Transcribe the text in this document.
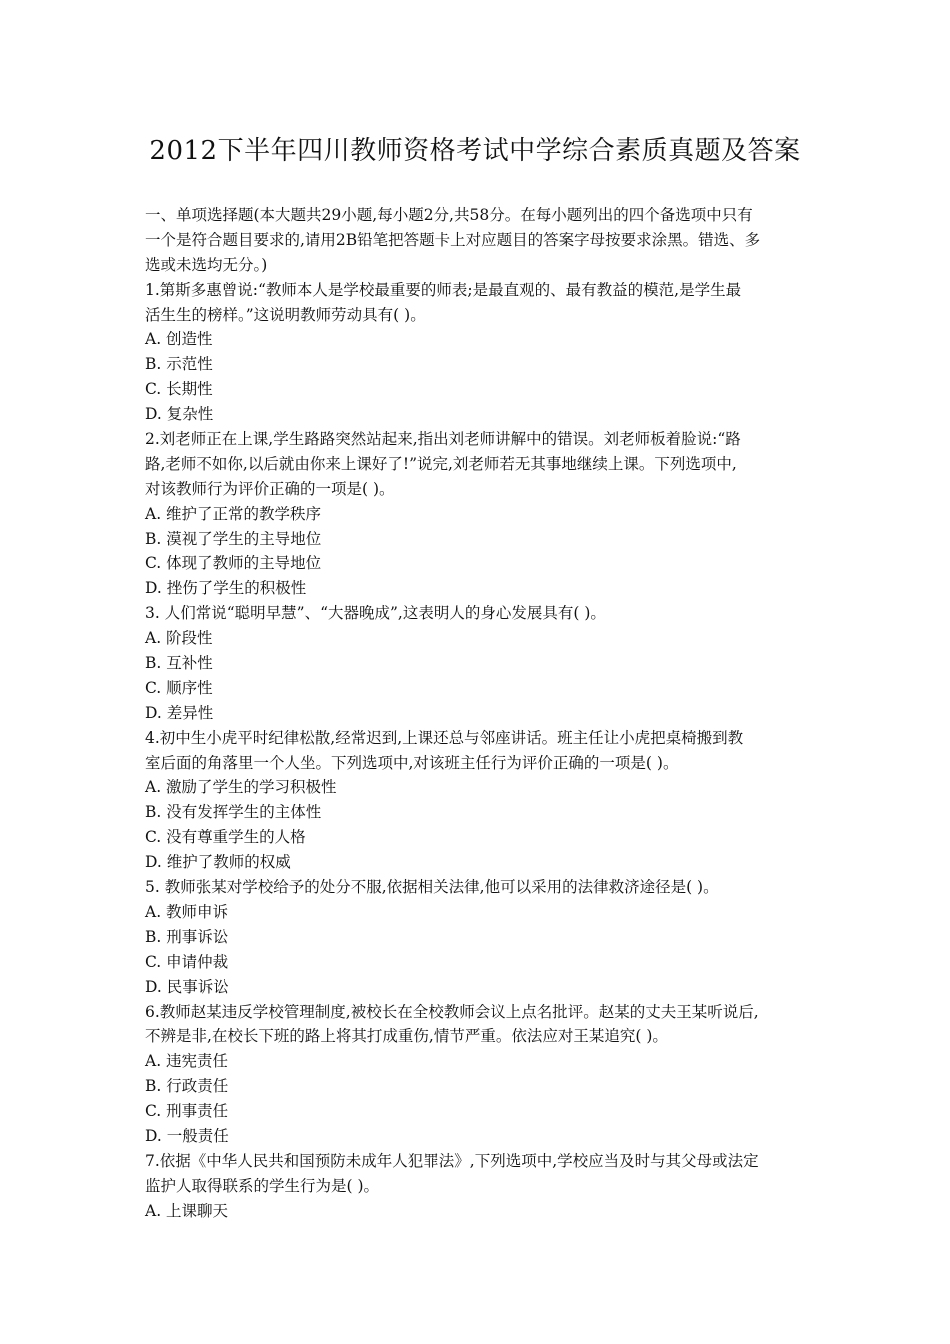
2012下半年四川教师资格考试中学综合素质真题及答案
一、单项选择题(本大题共29小题,每小题2分,共58分。在每小题列出的四个备选项中只有
一个是符合题目要求的,请用2B铅笔把答题卡上对应题目的答案字母按要求涂黑。错选、多
选或未选均无分。)
1.第斯多惠曾说:“教师本人是学校最重要的师表;是最直观的、最有教益的模范,是学生最
活生生的榜样。”这说明教师劳动具有( )。
A. 创造性
B. 示范性
C. 长期性
D. 复杂性
2.刘老师正在上课,学生路路突然站起来,指出刘老师讲解中的错误。刘老师板着脸说:“路
路,老师不如你,以后就由你来上课好了!”说完,刘老师若无其事地继续上课。下列选项中,
对该教师行为评价正确的一项是( )。
A. 维护了正常的教学秩序
B. 漠视了学生的主导地位
C. 体现了教师的主导地位
D. 挫伤了学生的积极性
3. 人们常说“聪明早慧”、“大器晚成”,这表明人的身心发展具有( )。
A. 阶段性
B. 互补性
C. 顺序性
D. 差异性
4.初中生小虎平时纪律松散,经常迟到,上课还总与邻座讲话。班主任让小虎把桌椅搬到教
室后面的角落里一个人坐。下列选项中,对该班主任行为评价正确的一项是( )。
A. 激励了学生的学习积极性
B. 没有发挥学生的主体性
C. 没有尊重学生的人格
D. 维护了教师的权威
5. 教师张某对学校给予的处分不服,依据相关法律,他可以采用的法律救济途径是( )。
A. 教师申诉
B. 刑事诉讼
C. 申请仲裁
D. 民事诉讼
6.教师赵某违反学校管理制度,被校长在全校教师会议上点名批评。赵某的丈夫王某听说后,
不辨是非,在校长下班的路上将其打成重伤,情节严重。依法应对王某追究( )。
A. 违宪责任
B. 行政责任
C. 刑事责任
D. 一般责任
7.依据《中华人民共和国预防未成年人犯罪法》,下列选项中,学校应当及时与其父母或法定
监护人取得联系的学生行为是( )。
A. 上课聊天
